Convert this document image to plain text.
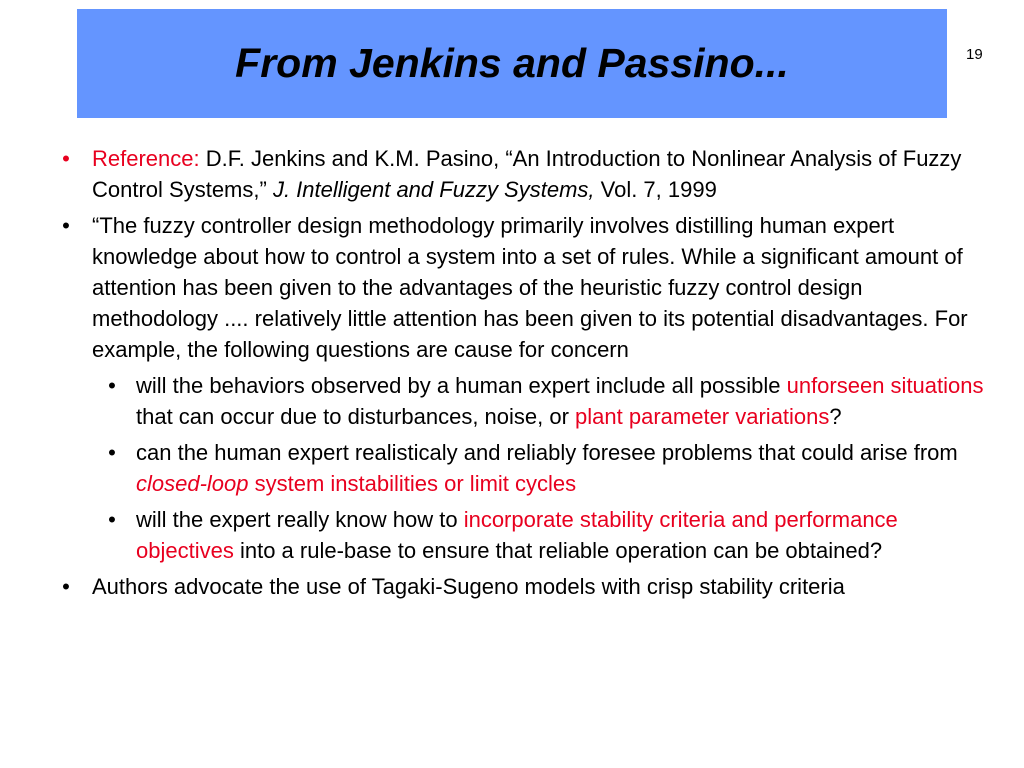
From Jenkins and Passino...	19
• Reference: D.F. Jenkins and K.M. Pasino, “An Introduction to Nonlinear Analysis of Fuzzy Control Systems,” J. Intelligent and Fuzzy Systems, Vol. 7, 1999
• “The fuzzy controller design methodology primarily involves distilling human expert knowledge about how to control a system into a set of rules. While a significant amount of attention has been given to the advantages of the heuristic fuzzy control design methodology .... relatively little attention has been given to its potential disadvantages. For example, the following questions are cause for concern
• will the behaviors observed by a human expert include all possible unforseen situations that can occur due to disturbances, noise, or plant parameter variations?
• can the human expert realisticaly and reliably foresee problems that could arise from closed-loop system instabilities or limit cycles
• will the expert really know how to incorporate stability criteria and performance objectives into a rule-base to ensure that reliable operation can be obtained?
• Authors advocate the use of Tagaki-Sugeno models with crisp stability criteria
